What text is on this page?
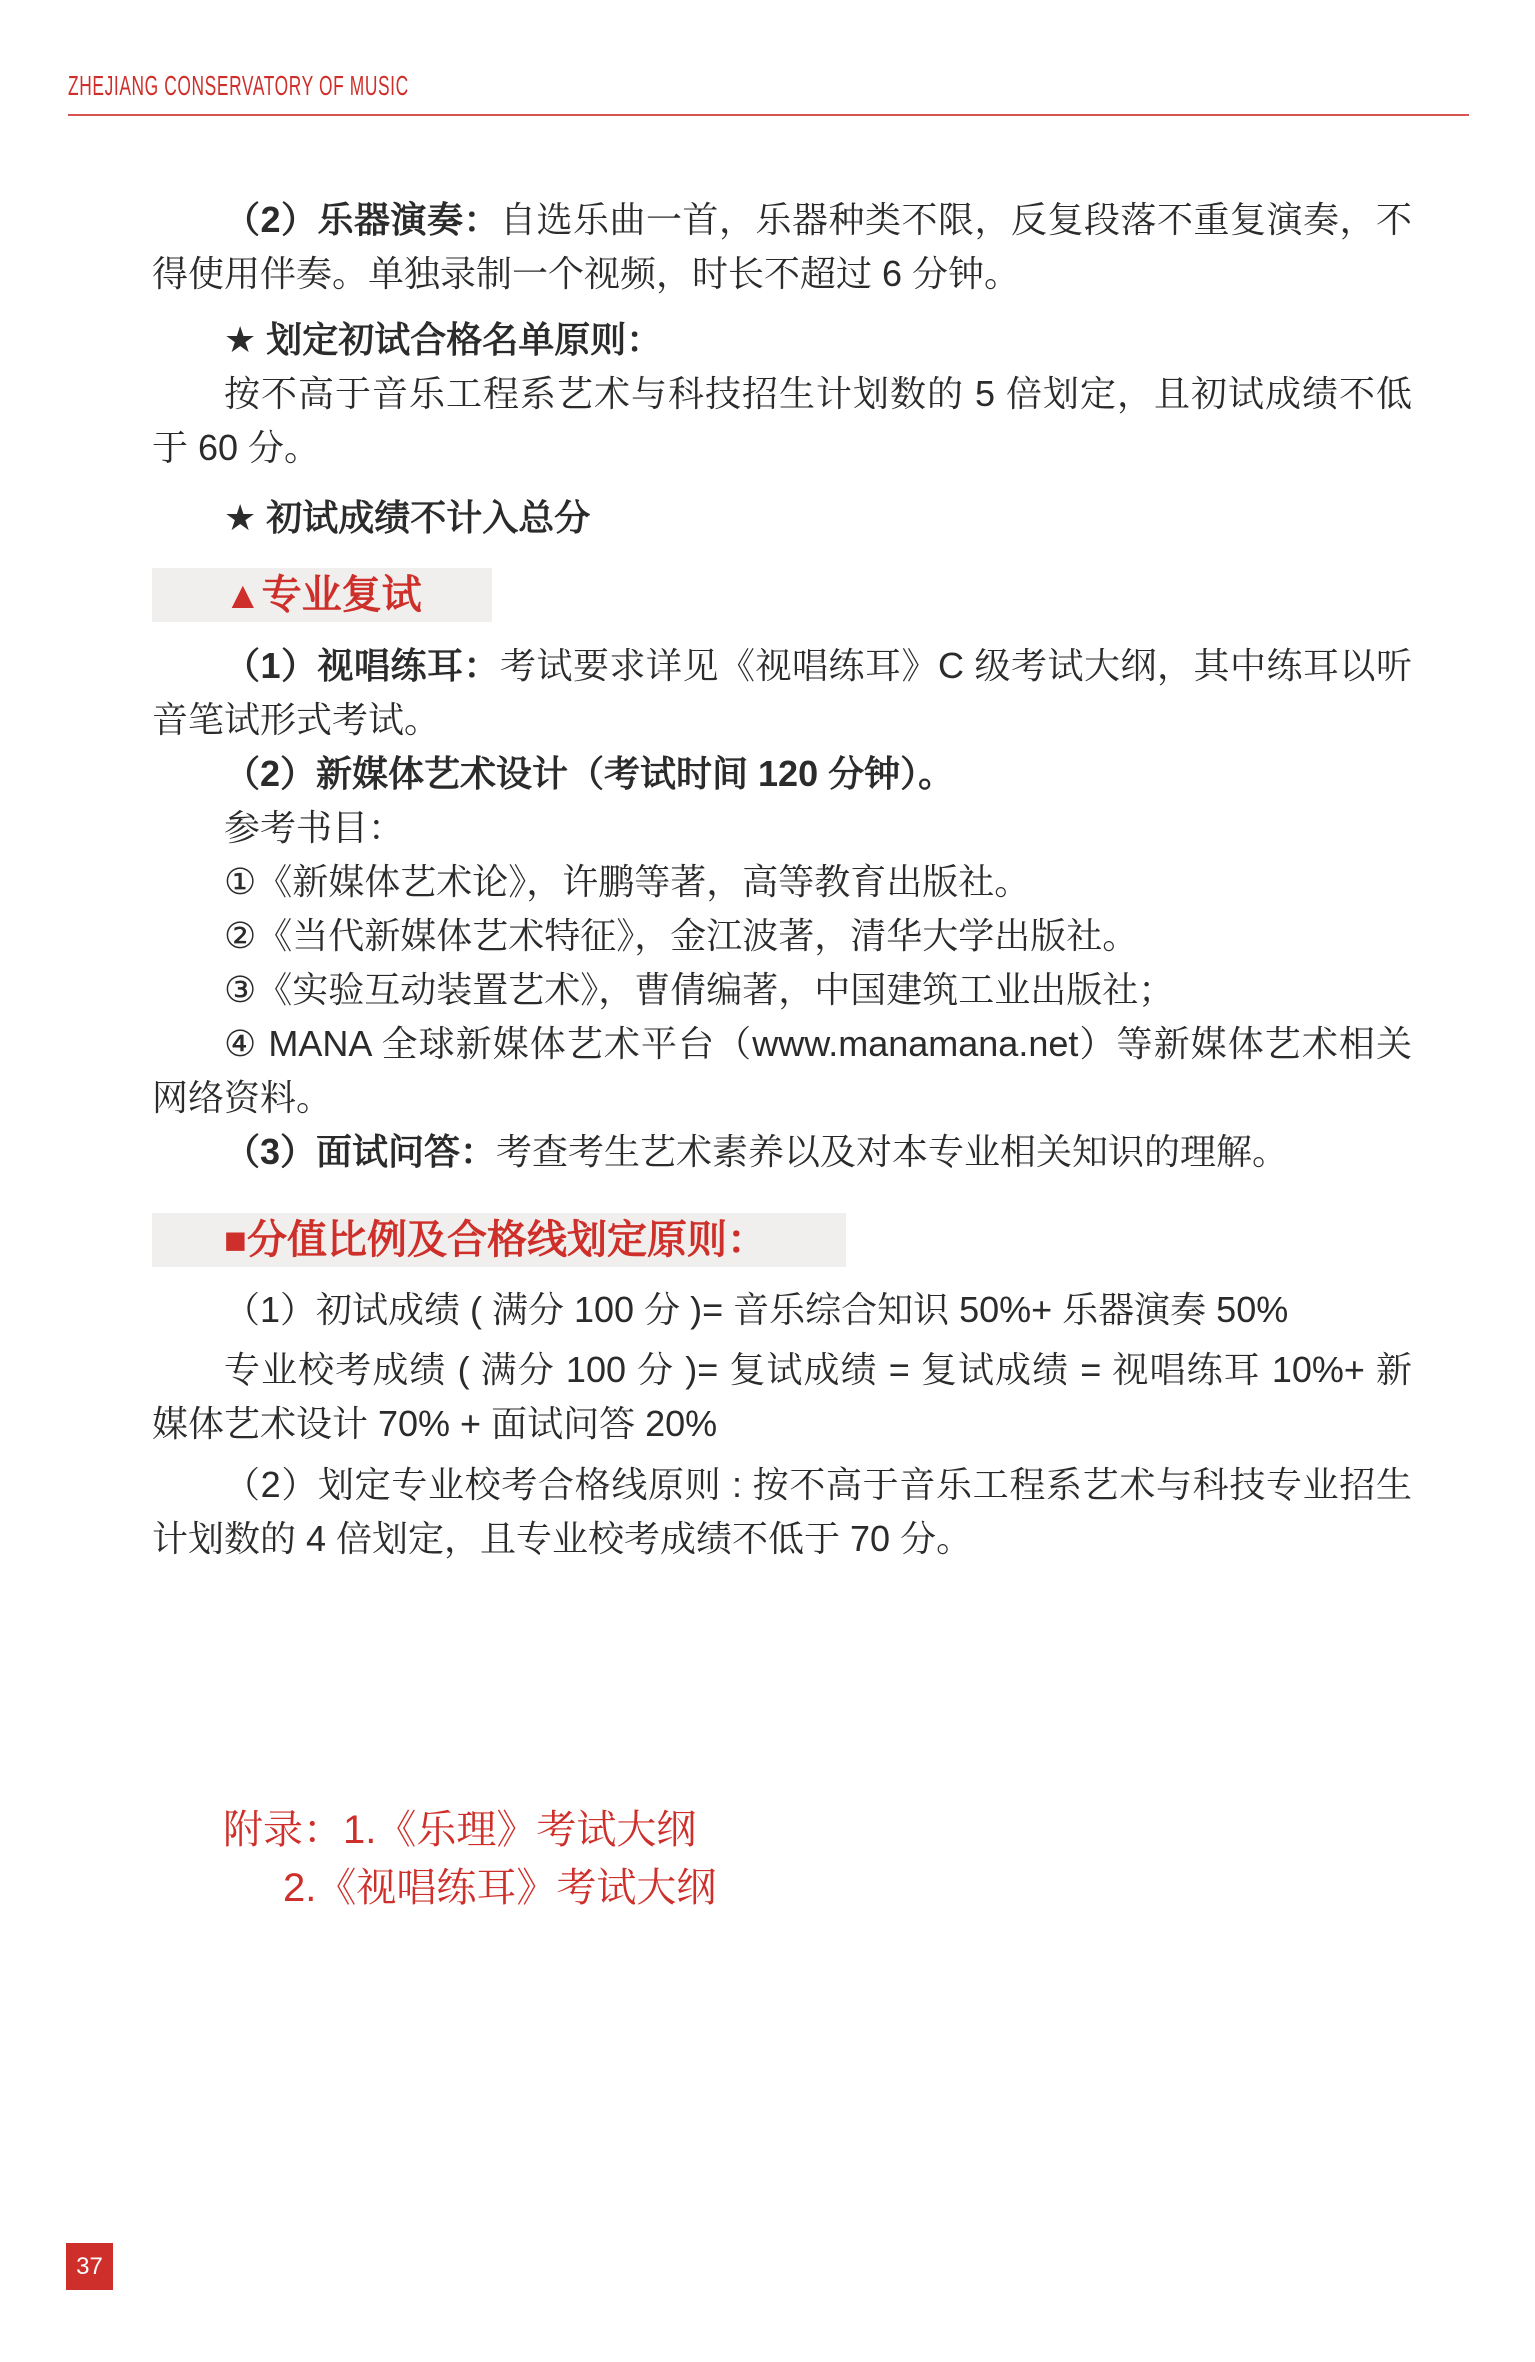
ZHEJIANG CONSERVATORY OF MUSIC

（2）乐器演奏：自选乐曲一首，乐器种类不限，反复段落不重复演奏，不得使用伴奏。单独录制一个视频，时长不超过 6 分钟。

★ 划定初试合格名单原则：

按不高于音乐工程系艺术与科技招生计划数的 5 倍划定，且初试成绩不低于 60 分。

★ 初试成绩不计入总分

▲专业复试

（1）视唱练耳：考试要求详见《视唱练耳》C 级考试大纲，其中练耳以听音笔试形式考试。

（2）新媒体艺术设计（考试时间 120 分钟）。

参考书目：

①《新媒体艺术论》，许鹏等著，高等教育出版社。

②《当代新媒体艺术特征》，金江波著，清华大学出版社。

③《实验互动装置艺术》，曹倩编著，中国建筑工业出版社；

④ MANA 全球新媒体艺术平台（www.manamana.net）等新媒体艺术相关网络资料。

（3）面试问答：考查考生艺术素养以及对本专业相关知识的理解。

■分值比例及合格线划定原则：

（1）初试成绩 ( 满分 100 分 )= 音乐综合知识 50%+ 乐器演奏 50%

专业校考成绩 ( 满分 100 分 )= 复试成绩 = 复试成绩 = 视唱练耳 10%+ 新媒体艺术设计 70% + 面试问答 20%

（2）划定专业校考合格线原则 : 按不高于音乐工程系艺术与科技专业招生计划数的 4 倍划定，且专业校考成绩不低于 70 分。

附录：1.《乐理》考试大纲
2.《视唱练耳》考试大纲
37
